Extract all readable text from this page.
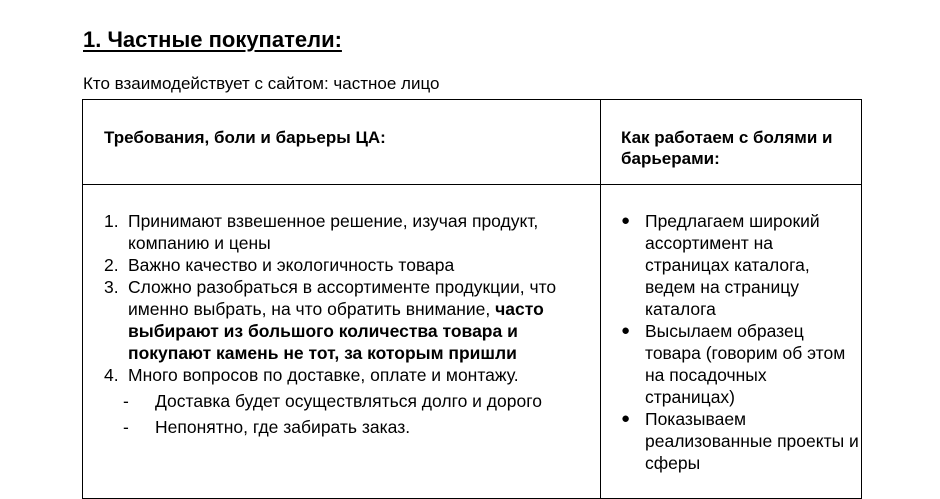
1. Частные покупатели:
Кто взаимодействует с сайтом: частное лицо
Требования, боли и барьеры ЦА:	Как работаем с болями и барьерами:
1. Принимают взвешенное решение, изучая продукт, компанию и цены
2. Важно качество и экологичность товара
3. Сложно разобраться в ассортименте продукции, что именно выбрать, на что обратить внимание, часто выбирают из большого количества товара и покупают камень не тот, за которым пришли
4. Много вопросов по доставке, оплате и монтажу.
-	Доставка будет осуществляться долго и дорого
-	Непонятно, где забирать заказ.
● Предлагаем широкий ассортимент на страницах каталога, ведем на страницу каталога
● Высылаем образец товара (говорим об этом на посадочных страницах)
● Показываем реализованные проекты и сферы
